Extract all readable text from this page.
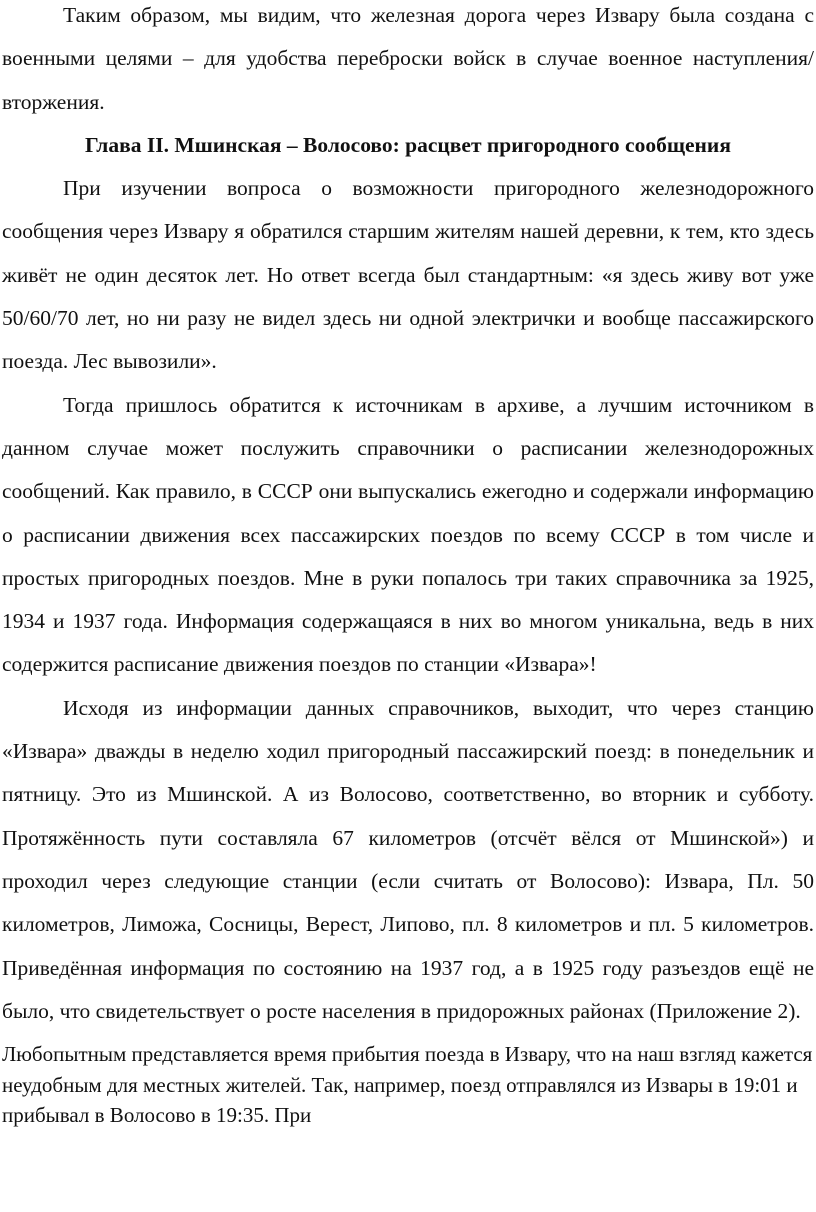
Таким образом, мы видим, что железная дорога через Извару была создана с военными целями – для удобства переброски войск в случае военное наступления/вторжения.

Глава II. Мшинская – Волосово: расцвет пригородного сообщения

При изучении вопроса о возможности пригородного железнодорожного сообщения через Извару я обратился старшим жителям нашей деревни, к тем, кто здесь живёт не один десяток лет. Но ответ всегда был стандартным: «я здесь живу вот уже 50/60/70 лет, но ни разу не видел здесь ни одной электрички и вообще пассажирского поезда. Лес вывозили».

Тогда пришлось обратится к источникам в архиве, а лучшим источником в данном случае может послужить справочники о расписании железнодорожных сообщений. Как правило, в СССР они выпускались ежегодно и содержали информацию о расписании движения всех пассажирских поездов по всему СССР в том числе и простых пригородных поездов. Мне в руки попалось три таких справочника за 1925, 1934 и 1937 года. Информация содержащаяся в них во многом уникальна, ведь в них содержится расписание движения поездов по станции «Извара»!

Исходя из информации данных справочников, выходит, что через станцию «Извара» дважды в неделю ходил пригородный пассажирский поезд: в понедельник и пятницу. Это из Мшинской. А из Волосово, соответственно, во вторник и субботу. Протяжённость пути составляла 67 километров (отсчёт вёлся от Мшинской») и проходил через следующие станции (если считать от Волосово): Извара, Пл. 50 километров, Лиможа, Сосницы, Верест, Липово, пл. 8 километров и пл. 5 километров. Приведённая информация по состоянию на 1937 год, а в 1925 году разъездов ещё не было, что свидетельствует о росте населения в придорожных районах (Приложение 2).

Любопытным представляется время прибытия поезда в Извару, что на наш взгляд кажется неудобным для местных жителей. Так, например, поезд отправлялся из Извары в 19:01 и прибывал в Волосово в 19:35. При
